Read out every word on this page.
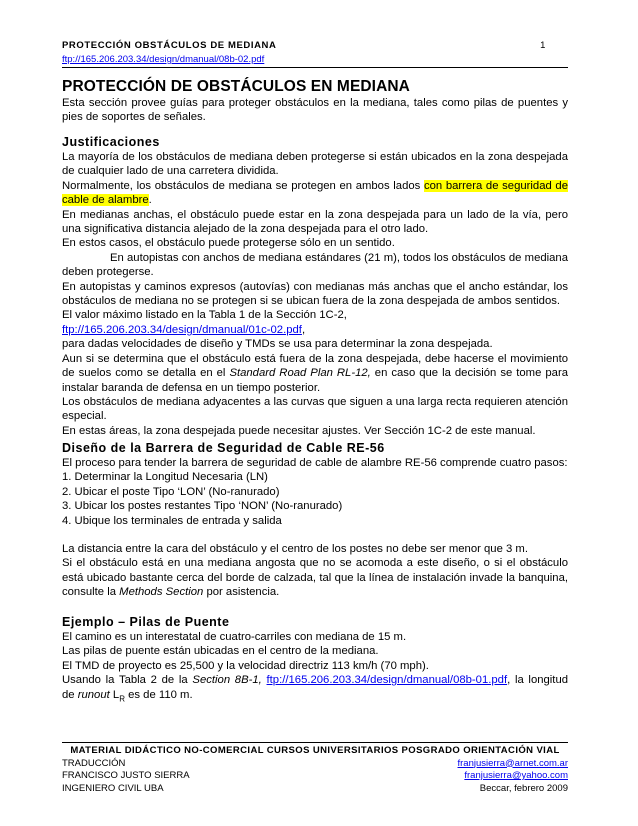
PROTECCIÓN OBSTÁCULOS DE MEDIANA	1
ftp://165.206.203.34/design/dmanual/08b-02.pdf
PROTECCIÓN DE OBSTÁCULOS EN MEDIANA

Esta sección provee guías para proteger obstáculos en la mediana, tales como pilas de puentes y pies de soportes de señales.

Justificaciones

La mayoría de los obstáculos de mediana deben protegerse si están ubicados en la zona despejada de cualquier lado de una carretera dividida.

Normalmente, los obstáculos de mediana se protegen en ambos lados con barrera de seguridad de cable de alambre.

En medianas anchas, el obstáculo puede estar en la zona despejada para un lado de la vía, pero una significativa distancia alejado de la zona despejada para el otro lado.

En estos casos, el obstáculo puede protegerse sólo en un sentido.

En autopistas con anchos de mediana estándares (21 m), todos los obstáculos de mediana deben protegerse.

En autopistas y caminos expresos (autovías) con medianas más anchas que el ancho estándar, los obstáculos de mediana no se protegen si se ubican fuera de la zona despejada de ambos sentidos.

El valor máximo listado en la Tabla 1 de la Sección 1C-2,

ftp://165.206.203.34/design/dmanual/01c-02.pdf,

para dadas velocidades de diseño y TMDs se usa para determinar la zona despejada.

Aun si se determina que el obstáculo está fuera de la zona despejada, debe hacerse el movimiento de suelos como se detalla en el Standard Road Plan RL-12, en caso que la decisión se tome para instalar baranda de defensa en un tiempo posterior.

Los obstáculos de mediana adyacentes a las curvas que siguen a una larga recta requieren atención especial.

En estas áreas, la zona despejada puede necesitar ajustes. Ver Sección 1C-2 de este manual.

Diseño de la Barrera de Seguridad de Cable RE-56

El proceso para tender la barrera de seguridad de cable de alambre RE-56 comprende cuatro pasos:

1. Determinar la Longitud Necesaria (LN)
2. Ubicar el poste Tipo ‘LON’ (No-ranurado)
3. Ubicar los postes restantes Tipo ‘NON’ (No-ranurado)
4. Ubique los terminales de entrada y salida

La distancia entre la cara del obstáculo y el centro de los postes no debe ser menor que 3 m.

Si el obstáculo está en una mediana angosta que no se acomoda a este diseño, o si el obstáculo está ubicado bastante cerca del borde de calzada, tal que la línea de instalación invade la banquina, consulte la Methods Section por asistencia.

Ejemplo – Pilas de Puente

El camino es un interestatal de cuatro-carriles con mediana de 15 m.

Las pilas de puente están ubicadas en el centro de la mediana.

El TMD de proyecto es 25,500 y la velocidad directriz 113 km/h (70 mph).

Usando la Tabla 2 de la Section 8B-1, ftp://165.206.203.34/design/dmanual/08b-01.pdf, la longitud de runout $L_R$ es de 110 m.

MATERIAL DIDÁCTICO NO-COMERCIAL CURSOS UNIVERSITARIOS POSGRADO ORIENTACIÓN VIAL
TRADUCCIÓN	franjusierra@arnet.com.ar
FRANCISCO JUSTO SIERRA	franjusierra@yahoo.com
INGENIERO CIVIL UBA	Beccar, febrero 2009
